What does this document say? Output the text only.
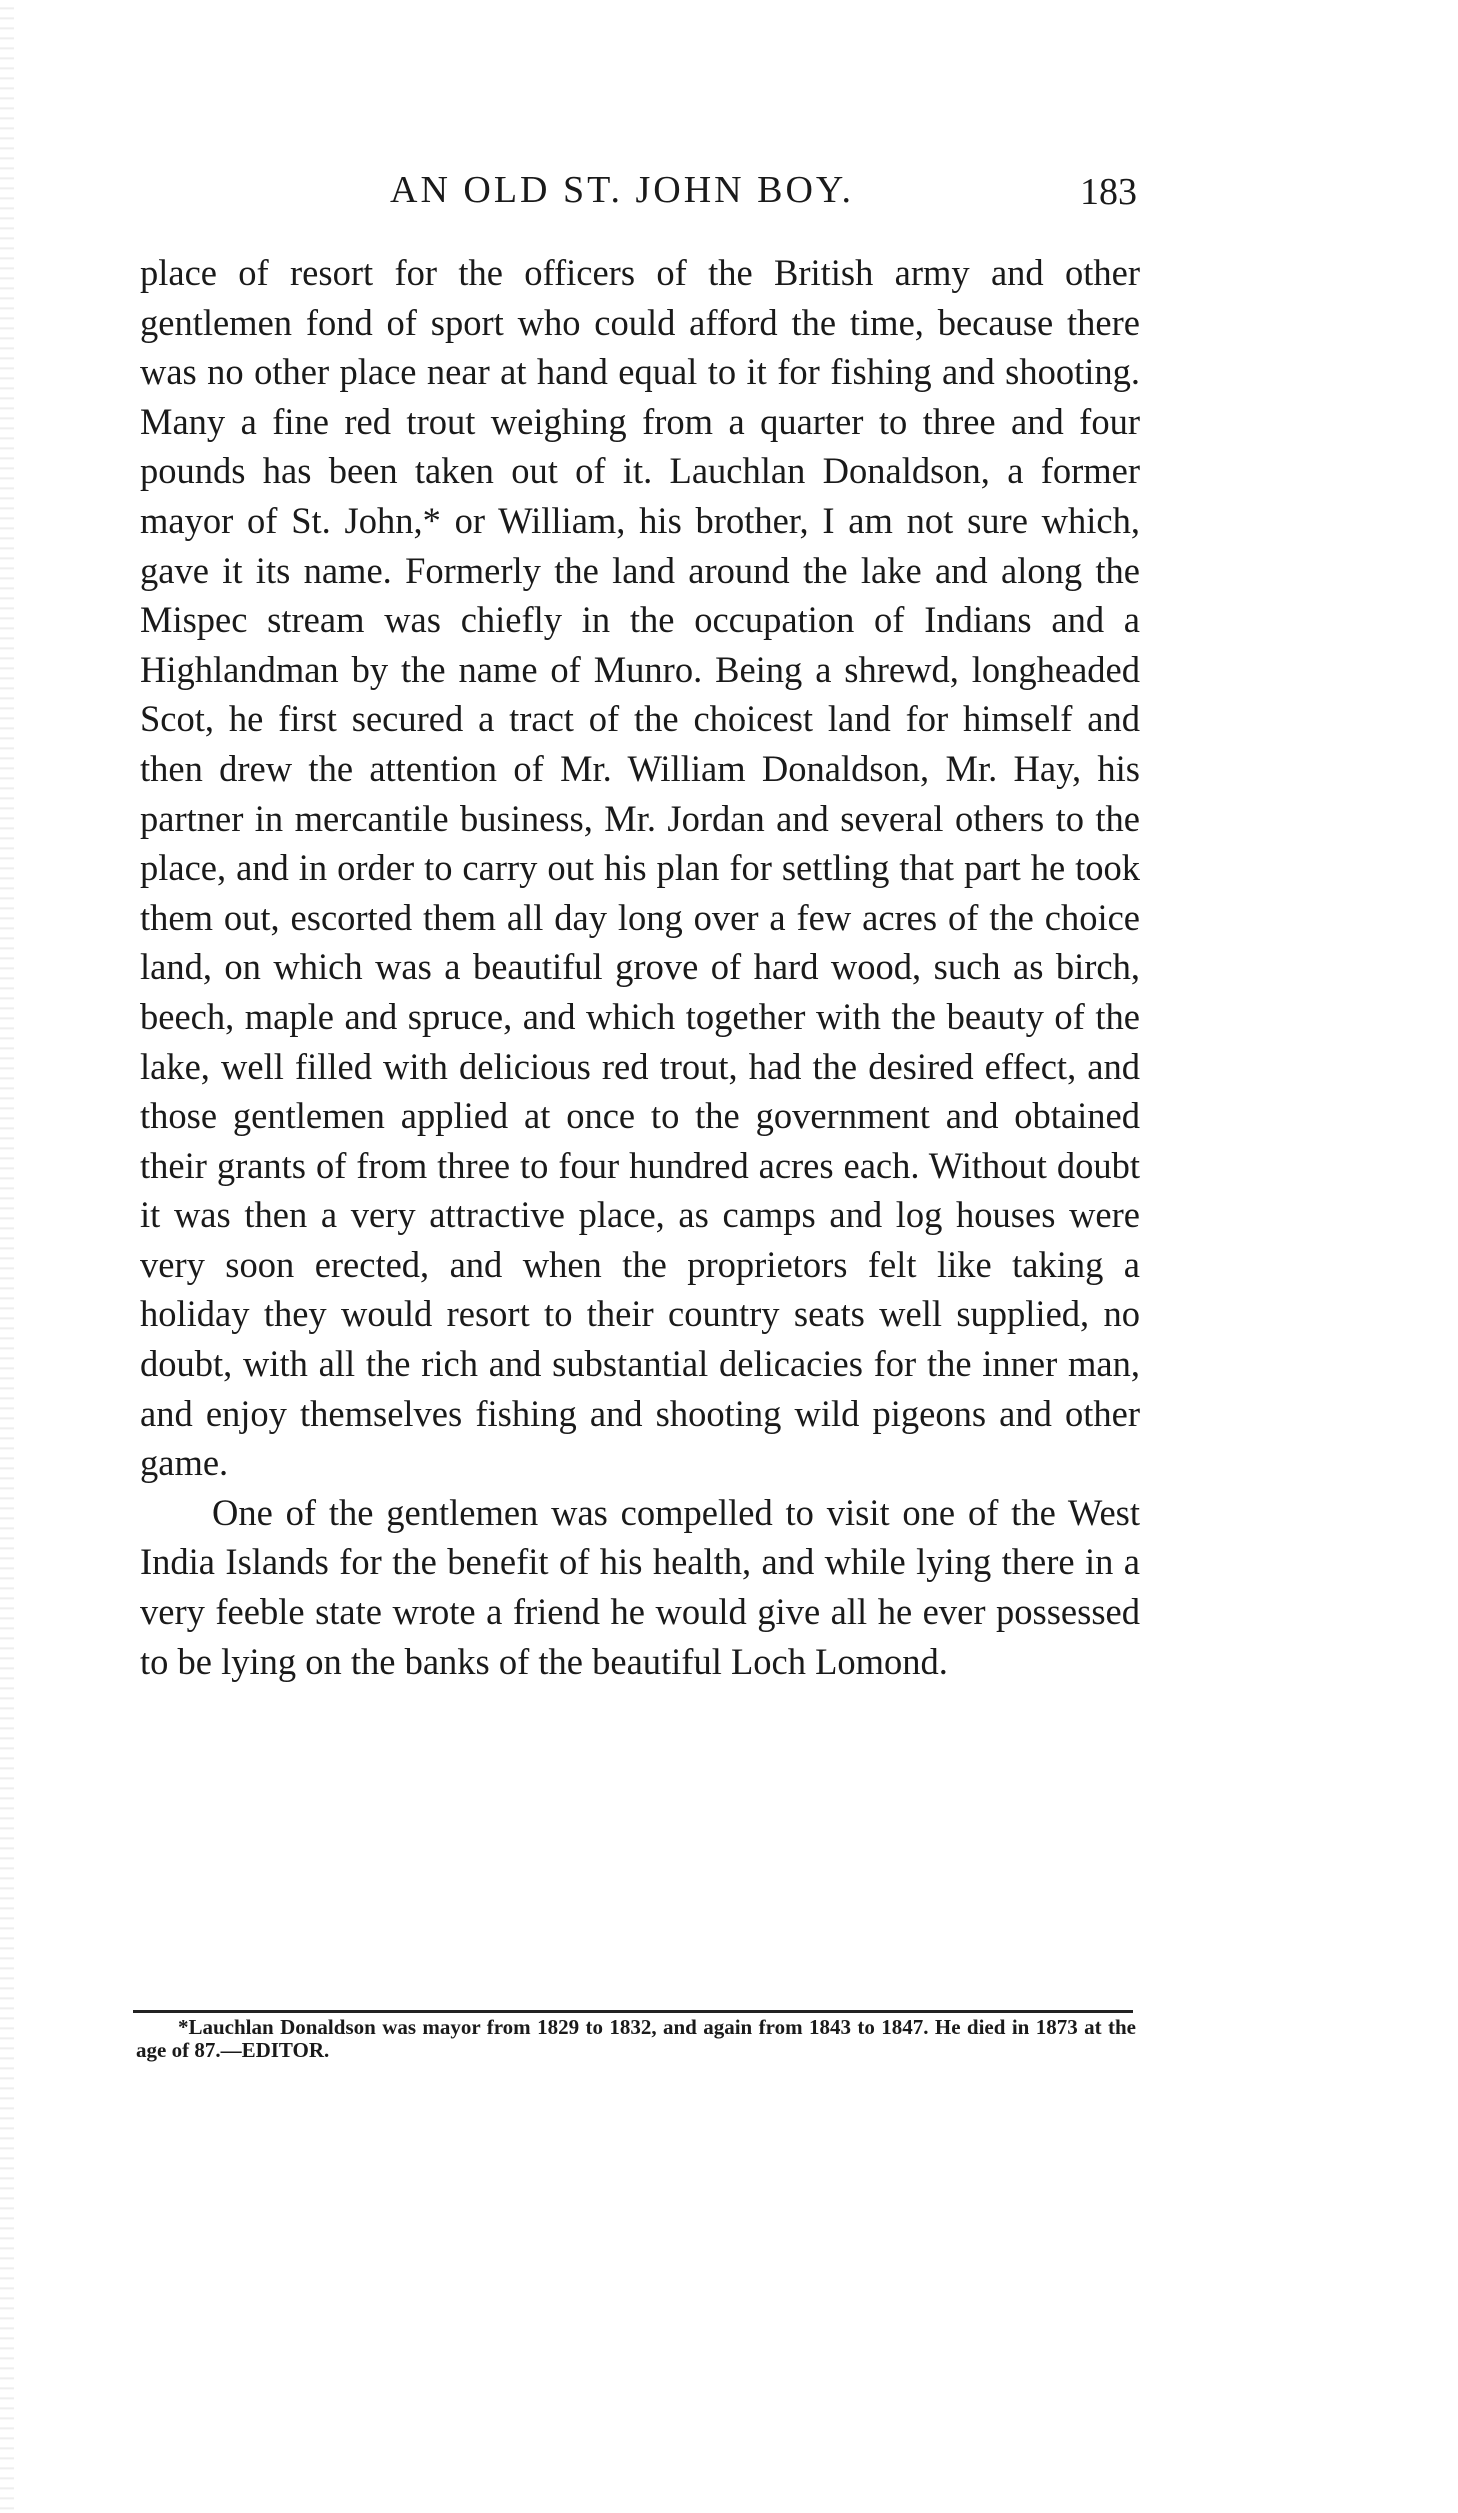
AN OLD ST. JOHN BOY.	183

place of resort for the officers of the British army and other gentlemen fond of sport who could afford the time, because there was no other place near at hand equal to it for fishing and shooting. Many a fine red trout weighing from a quarter to three and four pounds has been taken out of it. Lauchlan Donaldson, a former mayor of St. John,* or William, his brother, I am not sure which, gave it its name. Formerly the land around the lake and along the Mispec stream was chiefly in the occupation of Indians and a Highlandman by the name of Munro. Being a shrewd, longheaded Scot, he first secured a tract of the choicest land for himself and then drew the attention of Mr. William Donaldson, Mr. Hay, his partner in mercantile business, Mr. Jordan and several others to the place, and in order to carry out his plan for settling that part he took them out, escorted them all day long over a few acres of the choice land, on which was a beautiful grove of hard wood, such as birch, beech, maple and spruce, and which together with the beauty of the lake, well filled with delicious red trout, had the desired effect, and those gentlemen applied at once to the government and obtained their grants of from three to four hundred acres each. Without doubt it was then a very attractive place, as camps and log houses were very soon erected, and when the proprietors felt like taking a holiday they would resort to their country seats well supplied, no doubt, with all the rich and substantial delicacies for the inner man, and enjoy themselves fishing and shooting wild pigeons and other game.

One of the gentlemen was compelled to visit one of the West India Islands for the benefit of his health, and while lying there in a very feeble state wrote a friend he would give all he ever possessed to be lying on the banks of the beautiful Loch Lomond.

*Lauchlan Donaldson was mayor from 1829 to 1832, and again from 1843 to 1847. He died in 1873 at the age of 87.—EDITOR.
